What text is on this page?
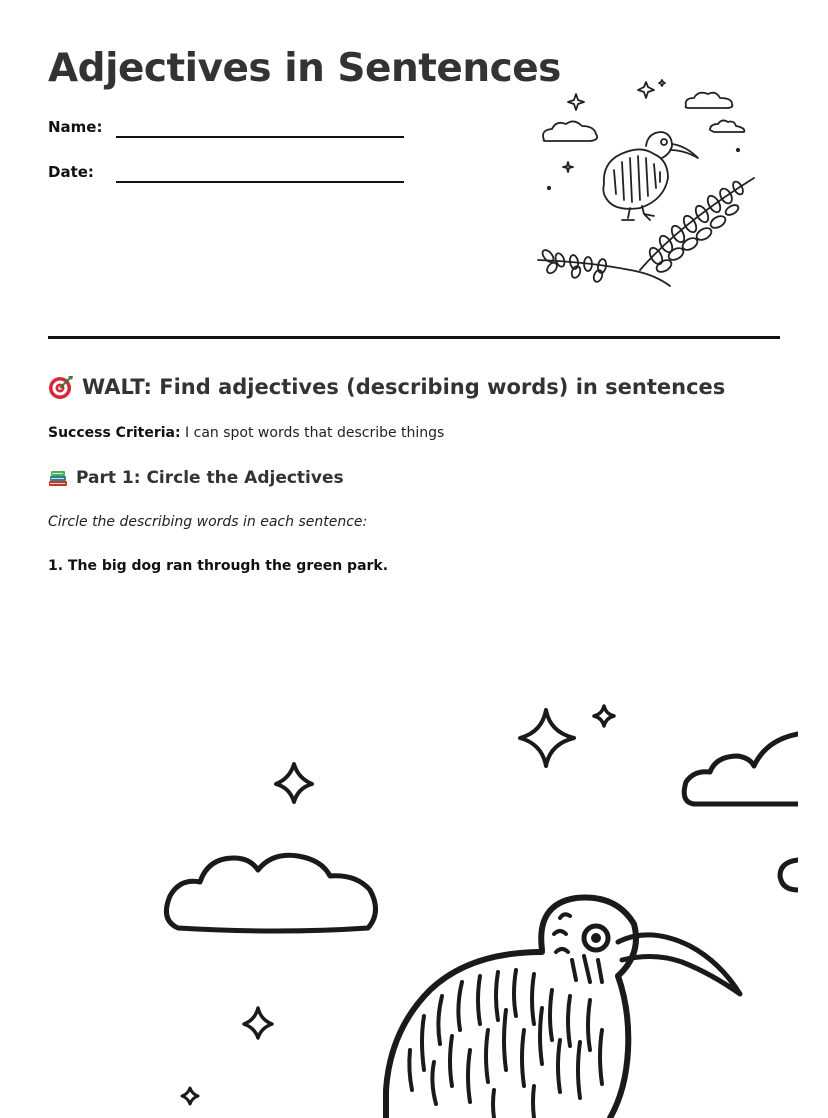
Adjectives in Sentences
Name:
Date:
WALT: Find adjectives (describing words) in sentences
Success Criteria: I can spot words that describe things
Part 1: Circle the Adjectives
Circle the describing words in each sentence:
1. The big dog ran through the green park.
